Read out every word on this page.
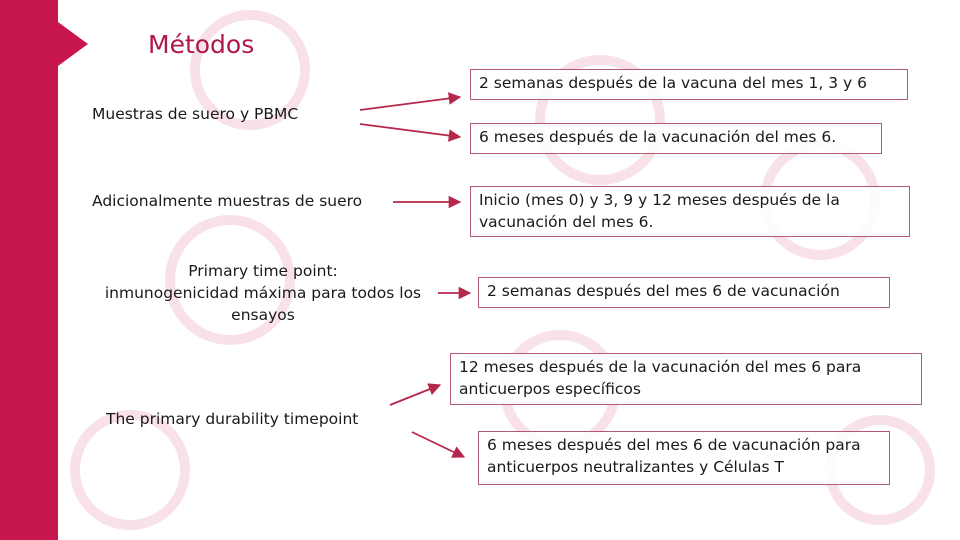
Métodos
Muestras de suero y PBMC
Adicionalmente muestras de suero
Primary time point:
inmunogenicidad máxima para todos los ensayos
The primary durability timepoint
2 semanas después de la vacuna del mes 1, 3 y 6
6 meses después de la vacunación del mes 6.
Inicio (mes 0) y 3, 9 y 12 meses después de la vacunación del mes 6.
2 semanas después del mes 6 de vacunación
12 meses después de la vacunación del mes 6 para anticuerpos específicos
6 meses después del mes 6 de vacunación para anticuerpos neutralizantes y Células T
